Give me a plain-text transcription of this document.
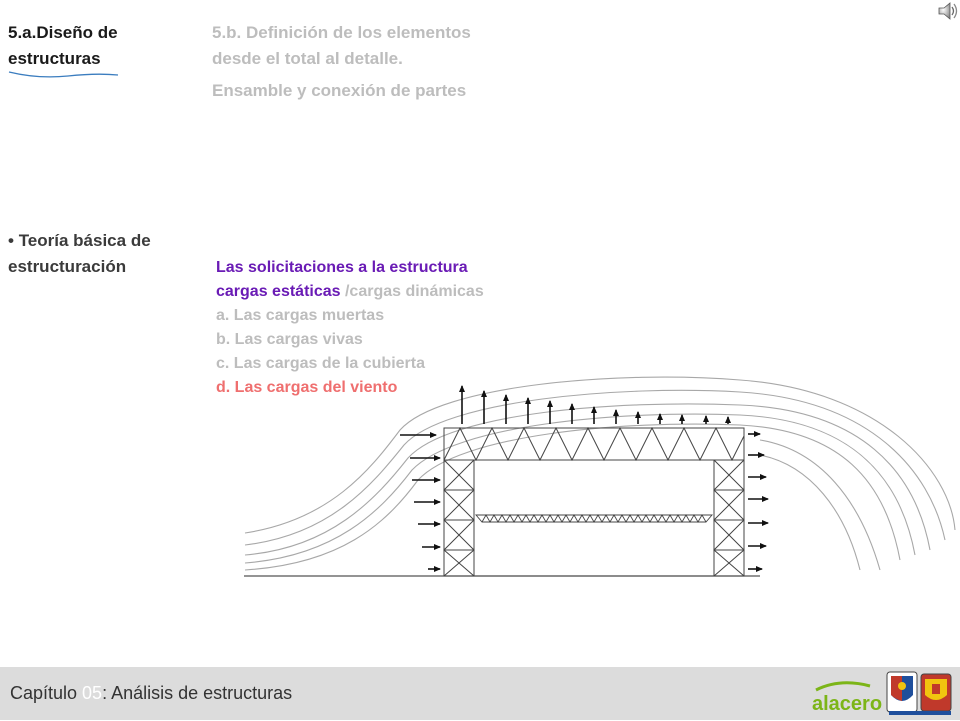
5.a.Diseño de
estructuras
5.b. Definición de los elementos
desde el total al detalle.
Ensamble y conexión de partes
• Teoría básica de
estructuración	Las solicitaciones a la estructura
cargas estáticas /cargas dinámicas
a. Las cargas muertas
b. Las cargas vivas
c. Las cargas de la cubierta
d. Las cargas del viento
Capítulo 05: Análisis de estructuras	alacero
